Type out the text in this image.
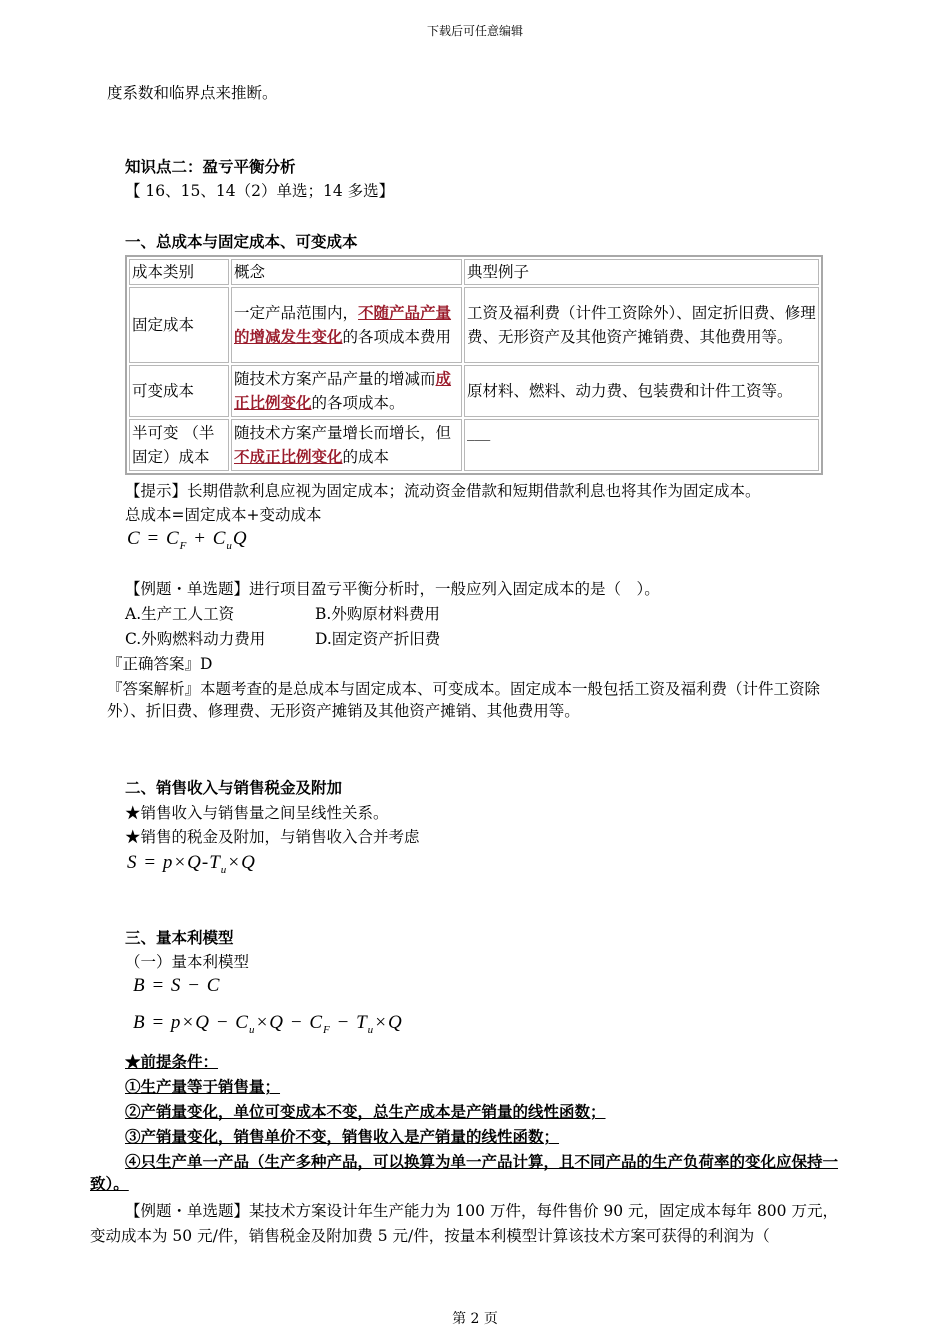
下载后可任意编辑
度系数和临界点来推断。
知识点二：盈亏平衡分析
【 16、15、14（2）单选；14 多选】
一、总成本与固定成本、可变成本
成本类别	概念	典型例子
固定成本	一定产品范围内，不随产品产量的增减发生变化的各项成本费用	工资及福利费（计件工资除外）、固定折旧费、修理费、无形资产及其他资产摊销费、其他费用等。
可变成本	随技术方案产品产量的增减而成正比例变化的各项成本。	原材料、燃料、动力费、包装费和计件工资等。
半可变 （半固定）成本	随技术方案产量增长而增长，但不成正比例变化的成本	___
【提示】长期借款利息应视为固定成本；流动资金借款和短期借款利息也将其作为固定成本。
总成本=固定成本+变动成本
$C = C_F + C_uQ$
【例题・单选题】进行项目盈亏平衡分析时，一般应列入固定成本的是（　）。
A.生产工人工资	B.外购原材料费用
C.外购燃料动力费用	D.固定资产折旧费
『正确答案』D
『答案解析』本题考查的是总成本与固定成本、可变成本。固定成本一般包括工资及福利费（计件工资除外）、折旧费、修理费、无形资产摊销及其他资产摊销、其他费用等。
二、销售收入与销售税金及附加
★销售收入与销售量之间呈线性关系。
★销售的税金及附加，与销售收入合并考虑
$S = p\times Q-T_u\times Q$
三、量本利模型
（一）量本利模型
B = S − C
$B = p\times Q - C_u\times Q - C_F - T_u\times Q$
★前提条件：
①生产量等于销售量；
②产销量变化，单位可变成本不变，总生产成本是产销量的线性函数；
③产销量变化，销售单价不变，销售收入是产销量的线性函数；
④只生产单一产品（生产多种产品，可以换算为单一产品计算，且不同产品的生产负荷率的变化应保持一致）。
【例题・单选题】某技术方案设计年生产能力为 100 万件，每件售价 90 元，固定成本每年 800 万元，变动成本为 50 元/件，销售税金及附加费 5 元/件，按量本利模型计算该技术方案可获得的利润为（
第 2 页
